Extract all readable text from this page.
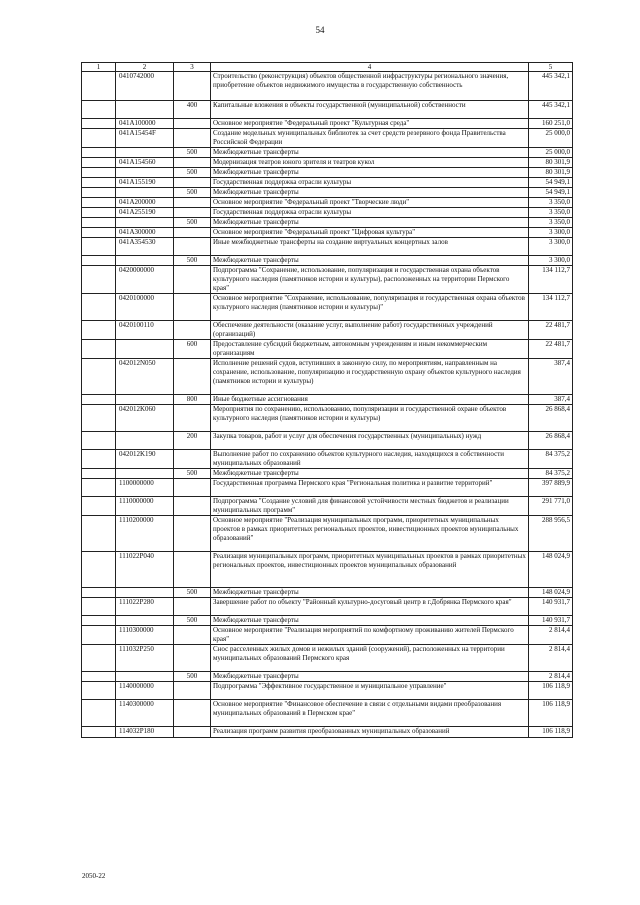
54
1	2	3	4	5
	0410742000		Строительство (реконструкция) объектов общественной инфраструктуры регионального значения, приобретение объектов недвижимого имущества в государственную собственность	445 342,1
		400	Капитальные вложения в объекты государственной (муниципальной) собственности	445 342,1
	041A100000		Основное мероприятие "Федеральный проект "Культурная среда"	160 251,0
	041A15454F		Создание модельных муниципальных библиотек за счет средств резервного фонда Правительства Российской Федерации	25 000,0
		500	Межбюджетные трансферты	25 000,0
	041A154560		Модернизация театров юного зрителя и театров кукол	80 301,9
		500	Межбюджетные трансферты	80 301,9
	041A155190		Государственная поддержка отрасли культуры	54 949,1
		500	Межбюджетные трансферты	54 949,1
	041A200000		Основное мероприятие "Федеральный проект "Творческие люди"	3 350,0
	041A255190		Государственная поддержка отрасли культуры	3 350,0
		500	Межбюджетные трансферты	3 350,0
	041A300000		Основное мероприятие "Федеральный проект "Цифровая культура"	3 300,0
	041A354530		Иные межбюджетные трансферты на создание виртуальных концертных залов	3 300,0
		500	Межбюджетные трансферты	3 300,0
	0420000000		Подпрограмма "Сохранение, использование, популяризация и государственная охрана объектов культурного наследия (памятников истории и культуры), расположенных на территории Пермского края"	134 112,7
	0420100000		Основное мероприятие "Сохранение, использование, популяризация и государственная охрана объектов культурного наследия (памятников истории и культуры)"	134 112,7
	0420100110		Обеспечение деятельности (оказание услуг, выполнение работ) государственных учреждений (организаций)	22 481,7
		600	Предоставление субсидий бюджетным, автономным учреждениям и иным некоммерческим организациям	22 481,7
	042012N050		Исполнение решений судов, вступивших в законную силу, по мероприятиям, направленным на сохранение, использование, популяризацию и государственную охрану объектов культурного наследия (памятников истории и культуры)	387,4
		800	Иные бюджетные ассигнования	387,4
	042012K060		Мероприятия по сохранению, использованию, популяризации и государственной охране объектов культурного наследия (памятников истории и культуры)	26 868,4
		200	Закупка товаров, работ и услуг для обеспечения государственных (муниципальных) нужд	26 868,4
	042012K190		Выполнение работ по сохранению объектов культурного наследия, находящихся в собственности муниципальных образований	84 375,2
		500	Межбюджетные трансферты	84 375,2
	1100000000		Государственная программа Пермского края "Региональная политика и развитие территорий"	397 889,9
	1110000000		Подпрограмма "Создание условий для финансовой устойчивости местных бюджетов и реализации муниципальных программ"	291 771,0
	1110200000		Основное мероприятие "Реализация муниципальных программ, приоритетных муниципальных проектов в рамках приоритетных региональных проектов, инвестиционных проектов муниципальных образований"	288 956,5
	111022P040		Реализация муниципальных программ, приоритетных муниципальных проектов в рамках приоритетных региональных проектов, инвестиционных проектов муниципальных образований	148 024,9
		500	Межбюджетные трансферты	148 024,9
	111022P280		Завершение работ по объекту "Районный культурно-досуговый центр в г.Добрянка Пермского края"	140 931,7
		500	Межбюджетные трансферты	140 931,7
	1110300000		Основное мероприятие "Реализация мероприятий по комфортному проживанию жителей Пермского края"	2 814,4
	111032P250		Снос расселенных жилых домов и нежилых зданий (сооружений), расположенных на территории муниципальных образований Пермского края	2 814,4
		500	Межбюджетные трансферты	2 814,4
	1140000000		Подпрограмма "Эффективное государственное и муниципальное управление"	106 118,9
	1140300000		Основное мероприятие "Финансовое обеспечение в связи с отдельными видами преобразования муниципальных образований в Пермском крае"	106 118,9
	114032P180		Реализация программ развития преобразованных муниципальных образований	106 118,9
2050-22
